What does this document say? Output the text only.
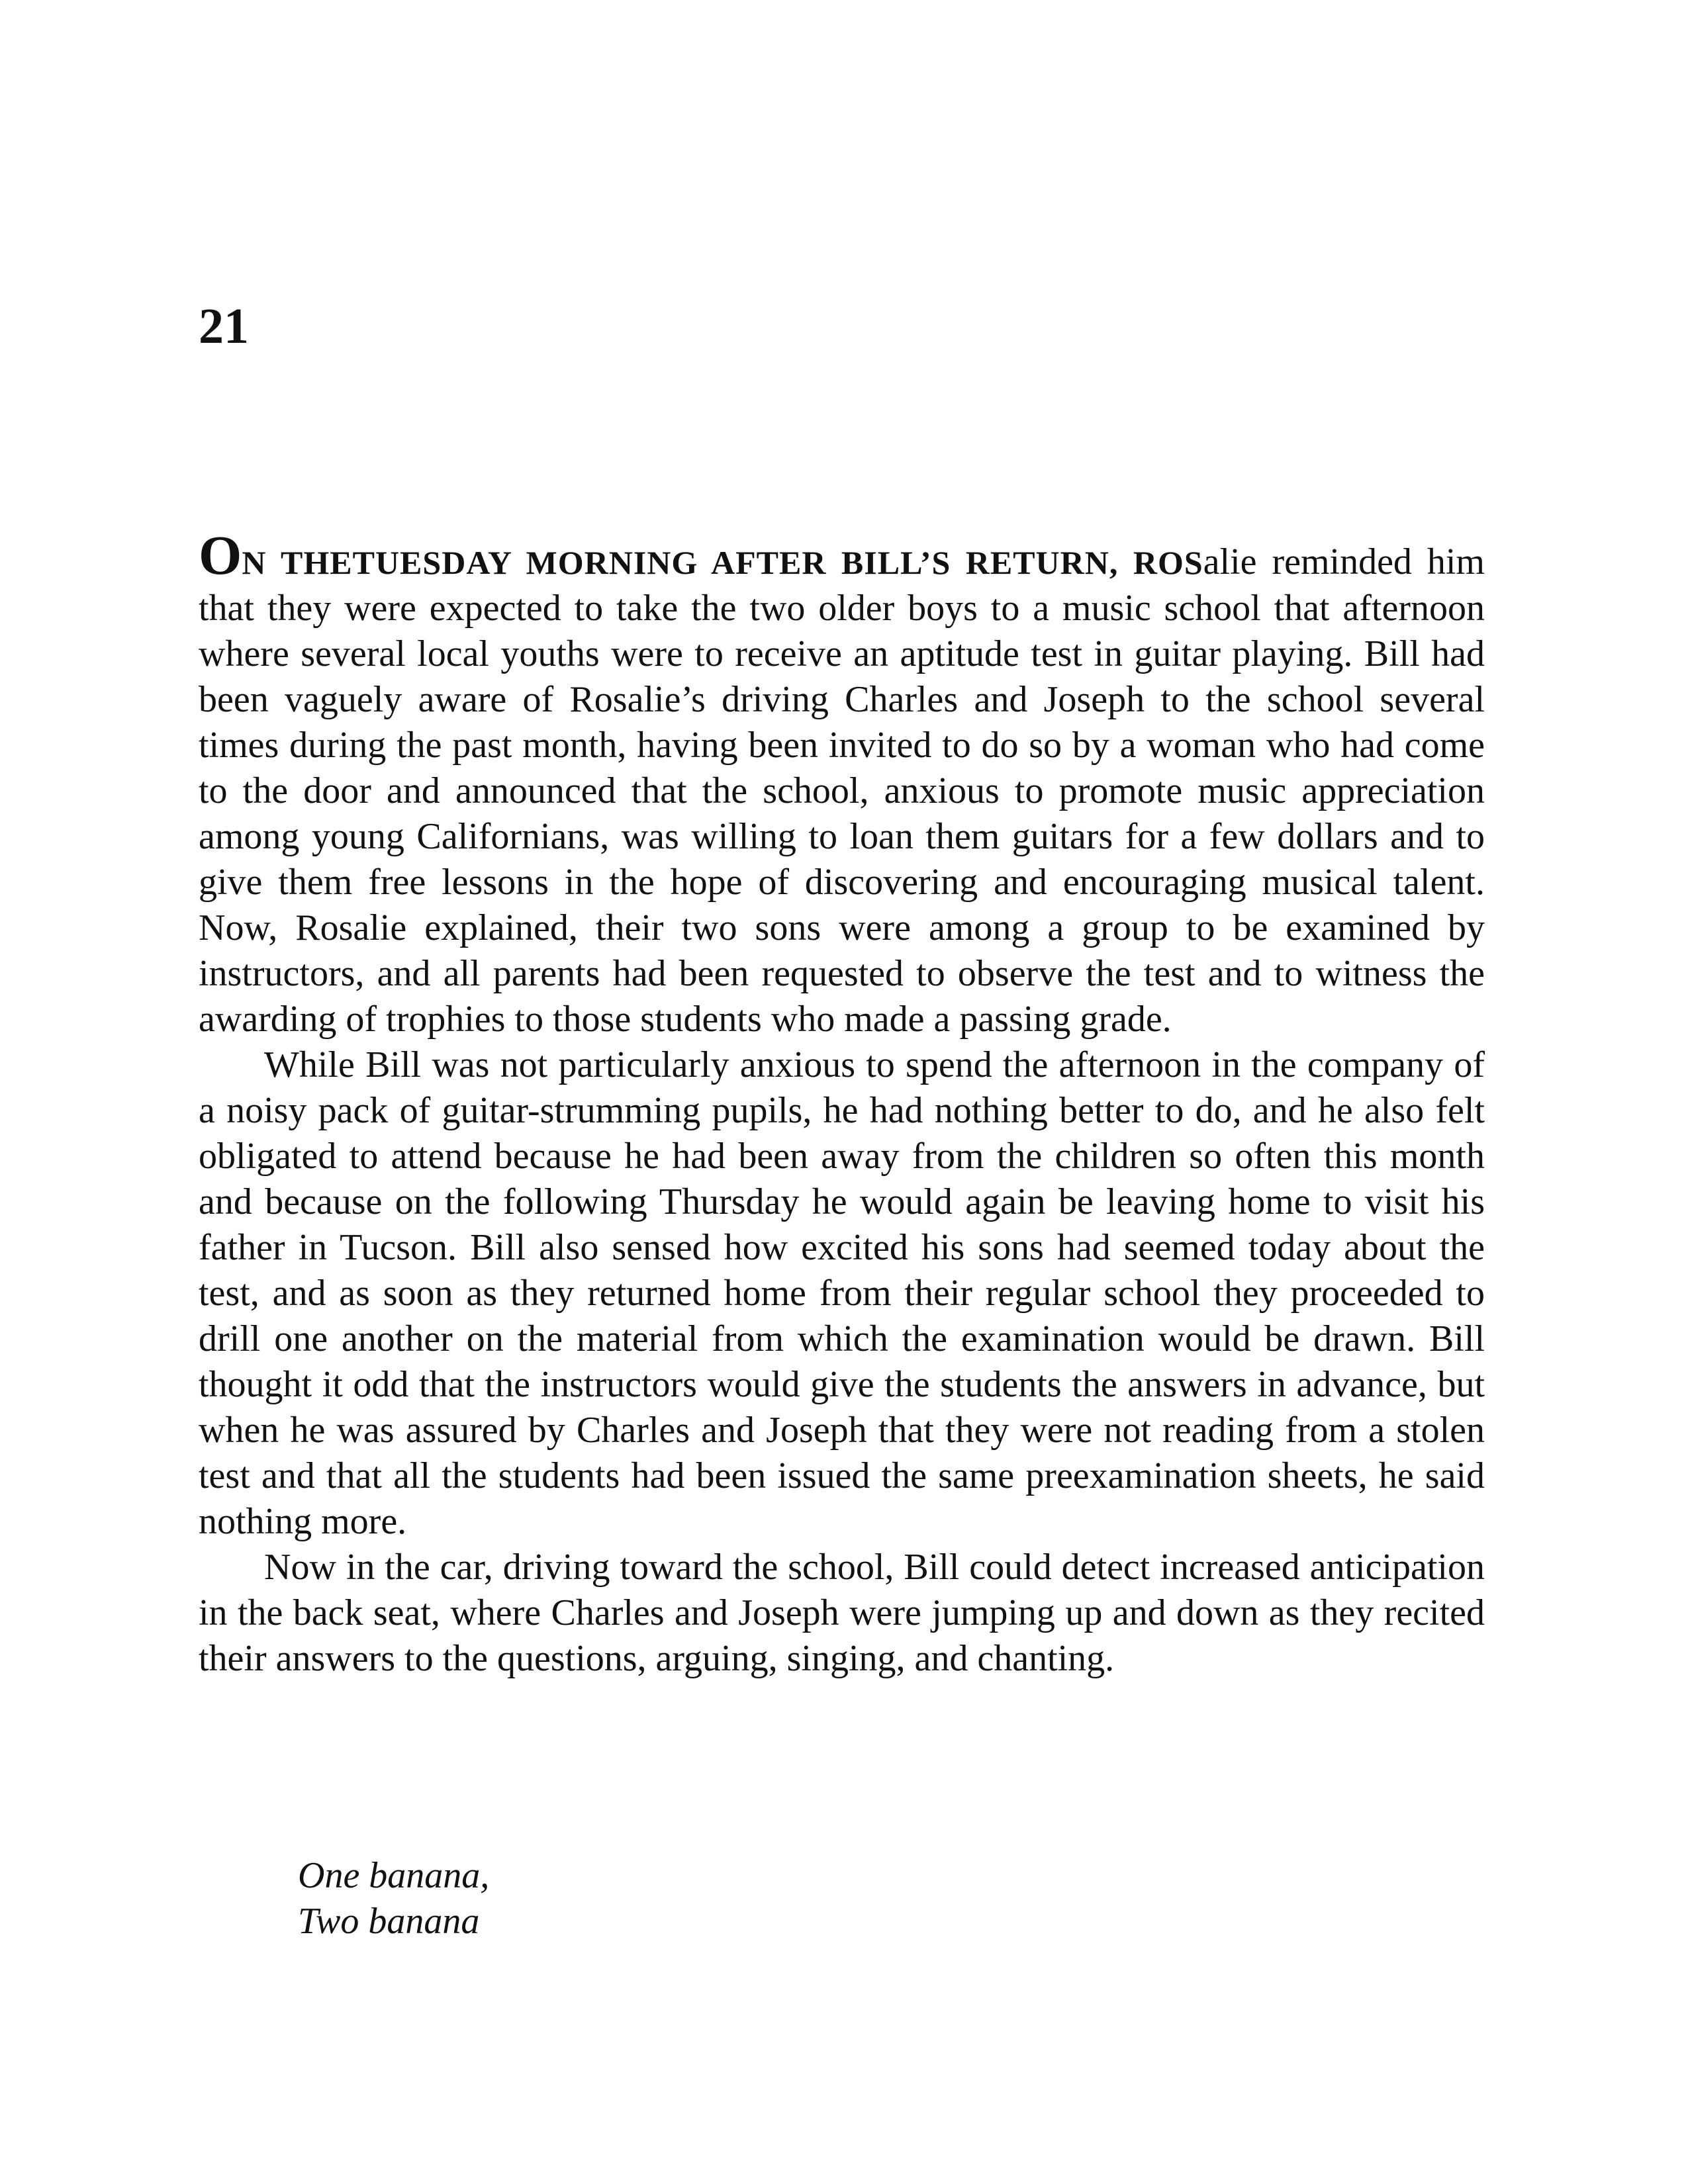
21

ON THETUESDAY MORNING AFTER BILL’S RETURN, ROSalie reminded him that they were expected to take the two older boys to a music school that afternoon where several local youths were to receive an aptitude test in guitar playing. Bill had been vaguely aware of Rosalie’s driving Charles and Joseph to the school several times during the past month, having been invited to do so by a woman who had come to the door and announced that the school, anxious to promote music appreciation among young Californians, was willing to loan them guitars for a few dollars and to give them free lessons in the hope of discovering and encouraging musical talent. Now, Rosalie explained, their two sons were among a group to be examined by instructors, and all parents had been requested to observe the test and to witness the awarding of trophies to those students who made a passing grade.

While Bill was not particularly anxious to spend the afternoon in the company of a noisy pack of guitar-strumming pupils, he had nothing better to do, and he also felt obligated to attend because he had been away from the children so often this month and because on the following Thursday he would again be leaving home to visit his father in Tucson. Bill also sensed how excited his sons had seemed today about the test, and as soon as they returned home from their regular school they proceeded to drill one another on the material from which the examination would be drawn. Bill thought it odd that the instructors would give the students the answers in advance, but when he was assured by Charles and Joseph that they were not reading from a stolen test and that all the students had been issued the same preexamination sheets, he said nothing more.

Now in the car, driving toward the school, Bill could detect increased anticipation in the back seat, where Charles and Joseph were jumping up and down as they recited their answers to the questions, arguing, singing, and chanting.

One banana,
Two banana
